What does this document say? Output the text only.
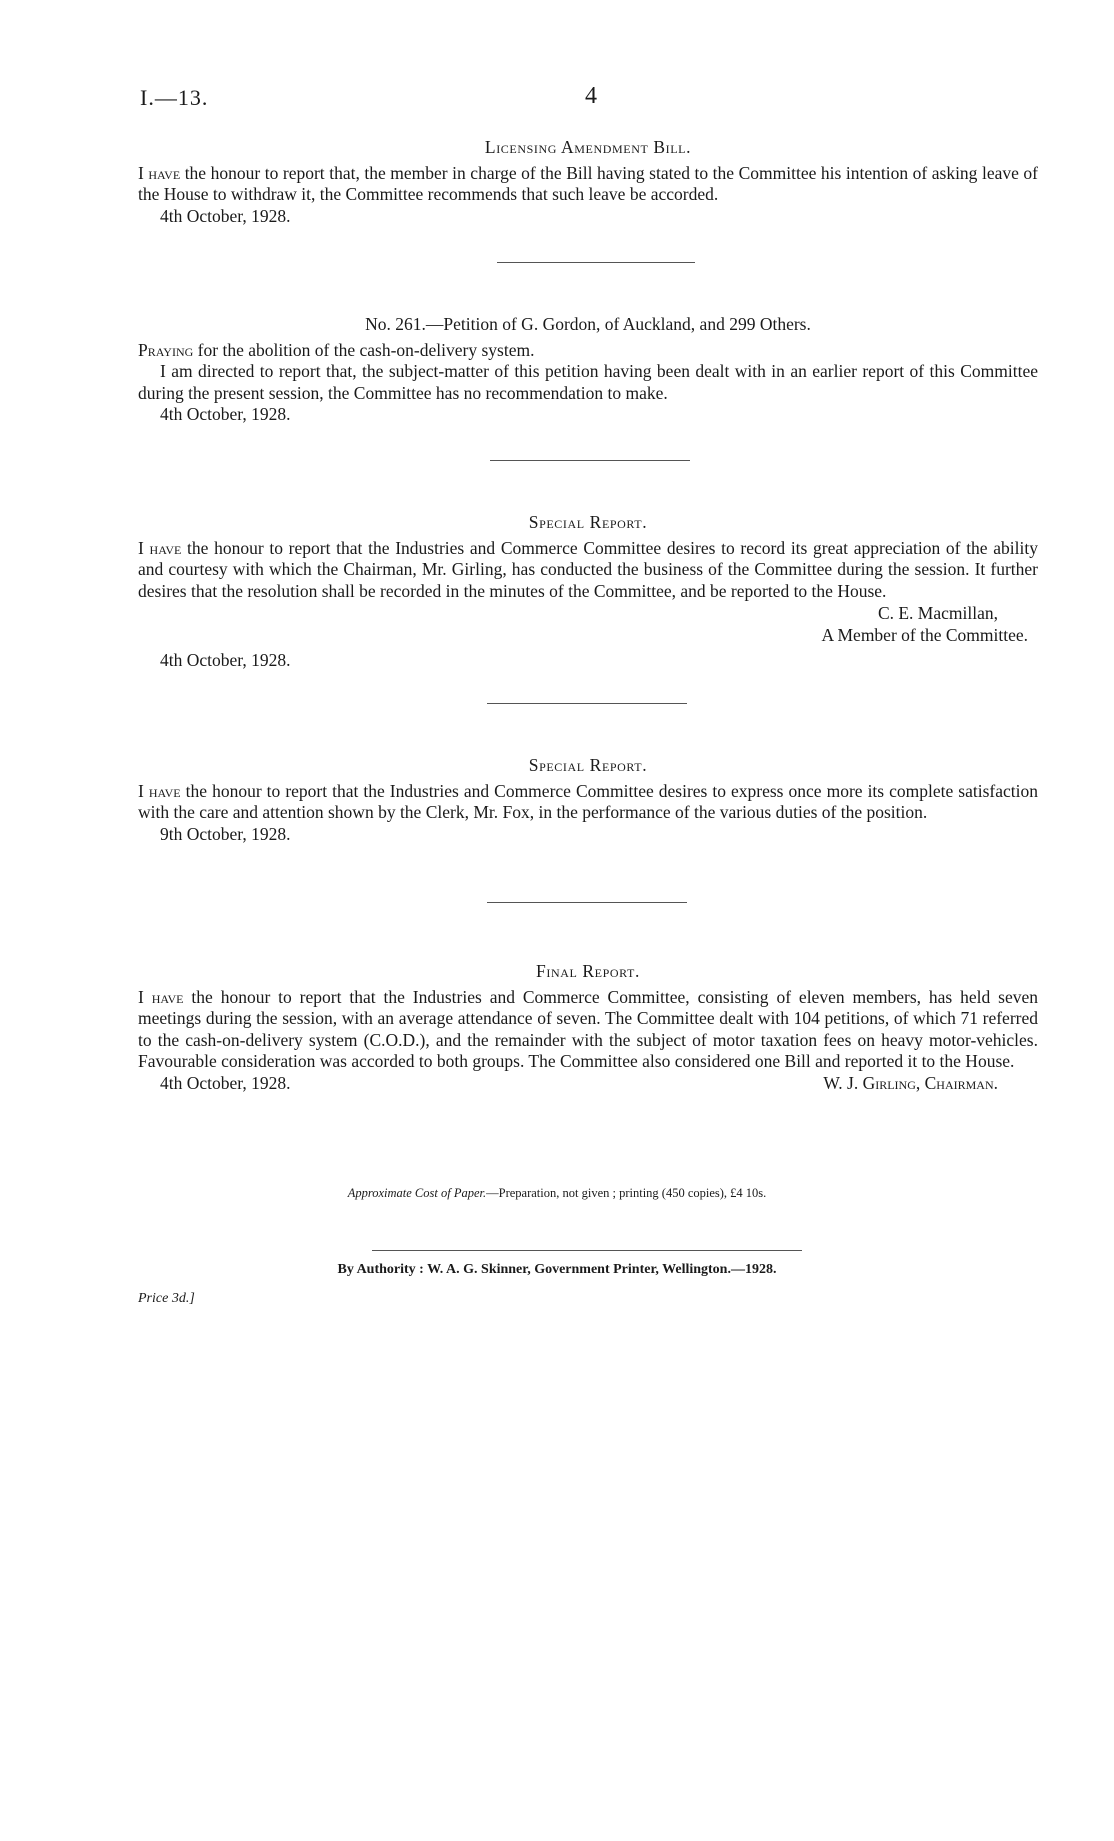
I.—13.	4
Licensing Amendment Bill.

I have the honour to report that, the member in charge of the Bill having stated to the Committee his intention of asking leave of the House to withdraw it, the Committee recommends that such leave be accorded.

4th October, 1928.

No. 261.—Petition of G. Gordon, of Auckland, and 299 Others.

Praying for the abolition of the cash-on-delivery system.

I am directed to report that, the subject-matter of this petition having been dealt with in an earlier report of this Committee during the present session, the Committee has no recommendation to make.

4th October, 1928.

Special Report.

I have the honour to report that the Industries and Commerce Committee desires to record its great appreciation of the ability and courtesy with which the Chairman, Mr. Girling, has conducted the business of the Committee during the session. It further desires that the resolution shall be recorded in the minutes of the Committee, and be reported to the House.

C. E. Macmillan,
A Member of the Committee.

4th October, 1928.

Special Report.

I have the honour to report that the Industries and Commerce Committee desires to express once more its complete satisfaction with the care and attention shown by the Clerk, Mr. Fox, in the performance of the various duties of the position.

9th October, 1928.

Final Report.

I have the honour to report that the Industries and Commerce Committee, consisting of eleven members, has held seven meetings during the session, with an average attendance of seven. The Committee dealt with 104 petitions, of which 71 referred to the cash-on-delivery system (C.O.D.), and the remainder with the subject of motor taxation fees on heavy motor-vehicles. Favourable consideration was accorded to both groups. The Committee also considered one Bill and reported it to the House.

4th October, 1928.	W. J. Girling, Chairman.
Approximate Cost of Paper.—Preparation, not given ; printing (450 copies), £4 10s.
By Authority : W. A. G. Skinner, Government Printer, Wellington.—1928.
Price 3d.]
